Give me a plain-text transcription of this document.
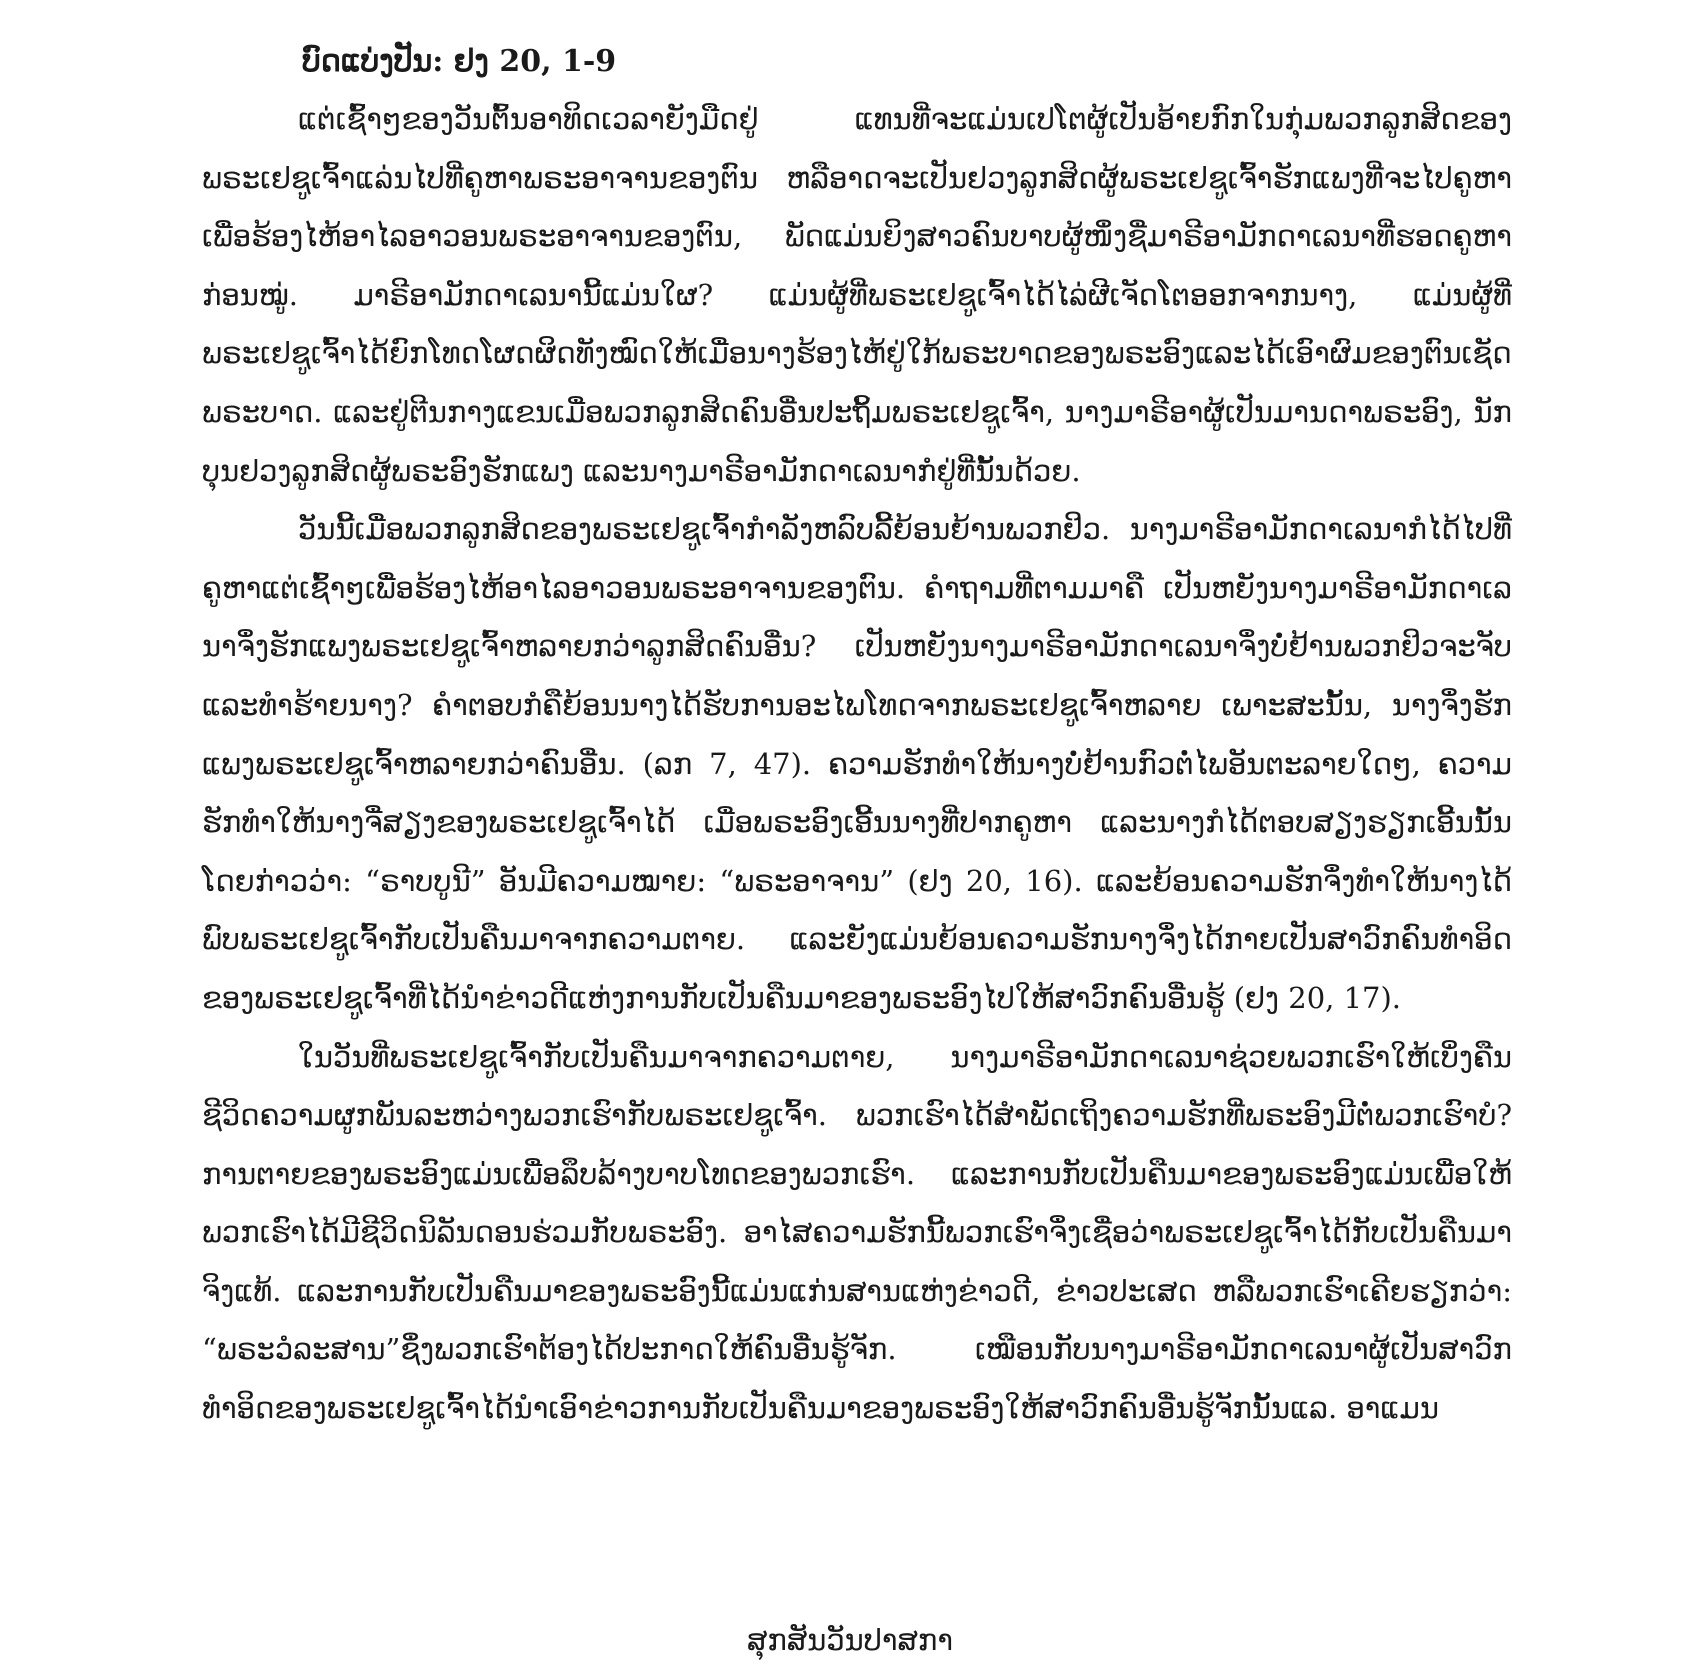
ບົດແບ່ງປັນ: ຢງ 20, 1-9

ແຕ່ເຊົ້າໆຂອງວັນຕົ້ນອາທິດເວລາຍັງມືດຢູ່ ແທນທີ່ຈະແມ່ນເປໂຕຜູ້ເປັນອ້າຍກົກໃນກຸ່ມພວກລູກສິດຂອງພຣະເຢຊູເຈົ້າແລ່ນໄປທີ່ຄູຫາພຣະອາຈານຂອງຕົນ ຫລືອາດຈະເປັນຢວງລູກສິດຜູ້ພຣະເຢຊູເຈົ້າຮັກແພງທີ່ຈະໄປຄູຫາເພື່ອຮ້ອງໄຫ້ອາໄລອາວອນພຣະອາຈານຂອງຕົນ, ພັດແມ່ນຍິງສາວຄົນບາບຜູ້ໜຶ່ງຊື່ມາຣີອາມັກດາເລນາທີ່ຮອດຄູຫາກ່ອນໝູ່. ມາຣີອາມັກດາເລນານີ້ແມ່ນໃຜ? ແມ່ນຜູ້ທີ່ພຣະເຢຊູເຈົ້າໄດ້ໄລ່ຜີເຈັດໂຕອອກຈາກນາງ, ແມ່ນຜູ້ທີ່ພຣະເຢຊູເຈົ້າໄດ້ຍົກໂທດໂຜດຜິດທັງໝົດໃຫ້ເມື່ອນາງຮ້ອງໄຫ້ຢູ່ໃກ້ພຣະບາດຂອງພຣະອົງແລະໄດ້ເອົາຜົມຂອງຕົນເຊັດພຣະບາດ. ແລະຢູ່ຕີນກາງແຂນເມື່ອພວກລູກສິດຄົນອື່ນປະຖິ້ມພຣະເຢຊູເຈົ້າ, ນາງມາຣີອາຜູ້ເປັນມານດາພຣະອົງ, ນັກບຸນຢວງລູກສິດຜູ້ພຣະອົງຮັກແພງ ແລະນາງມາຣີອາມັກດາເລນາກໍຢູ່ທີ່ນັ້ນດ້ວຍ.

ວັນນີ້ເມື່ອພວກລູກສິດຂອງພຣະເຢຊູເຈົ້າກຳລັງຫລົບລີ້ຍ້ອນຍ້ານພວກຢິວ. ນາງມາຣີອາມັກດາເລນາກໍໄດ້ໄປທີ່ຄູຫາແຕ່ເຊົ້າໆເພື່ອຮ້ອງໄຫ້ອາໄລອາວອນພຣະອາຈານຂອງຕົນ. ຄຳຖາມທີ່ຕາມມາຄື ເປັນຫຍັງນາງມາຣີອາມັກດາເລນາຈຶ່ງຮັກແພງພຣະເຢຊູເຈົ້າຫລາຍກວ່າລູກສິດຄົນອື່ນ? ເປັນຫຍັງນາງມາຣີອາມັກດາເລນາຈຶ່ງບໍ່ຢ້ານພວກຢິວຈະຈັບ ແລະທຳຮ້າຍນາງ? ຄຳຕອບກໍຄືຍ້ອນນາງໄດ້ຮັບການອະໄພໂທດຈາກພຣະເຢຊູເຈົ້າຫລາຍ ເພາະສະນັ້ນ, ນາງຈຶ່ງຮັກແພງພຣະເຢຊູເຈົ້າຫລາຍກວ່າຄົນອື່ນ. (ລກ 7, 47). ຄວາມຮັກທຳໃຫ້ນາງບໍ່ຢ້ານກົວຕໍ່ໄພອັນຕະລາຍໃດໆ, ຄວາມຮັກທຳໃຫ້ນາງຈື່ສຽງຂອງພຣະເຢຊູເຈົ້າໄດ້ ເມື່ອພຣະອົງເອີ້ນນາງທີ່ປາກຄູຫາ ແລະນາງກໍໄດ້ຕອບສຽງຮຽກເອີ້ນນັ້ນໂດຍກ່າວວ່າ: “ຣາບບູນີ” ອັນມີຄວາມໝາຍ: “ພຣະອາຈານ” (ຢງ 20, 16). ແລະຍ້ອນຄວາມຮັກຈຶ່ງທຳໃຫ້ນາງໄດ້ພົບພຣະເຢຊູເຈົ້າກັບເປັນຄືນມາຈາກຄວາມຕາຍ. ແລະຍັງແມ່ນຍ້ອນຄວາມຮັກນາງຈຶ່ງໄດ້ກາຍເປັນສາວົກຄົນທຳອິດຂອງພຣະເຢຊູເຈົ້າທີ່ໄດ້ນຳຂ່າວດີແຫ່ງການກັບເປັນຄືນມາຂອງພຣະອົງໄປໃຫ້ສາວົກຄົນອື່ນຮູ້ (ຢງ 20, 17).

ໃນວັນທີ່ພຣະເຢຊູເຈົ້າກັບເປັນຄືນມາຈາກຄວາມຕາຍ, ນາງມາຣີອາມັກດາເລນາຊ່ວຍພວກເຮົາໃຫ້ເບິ່ງຄືນຊີວິດຄວາມຜູກພັນລະຫວ່າງພວກເຮົາກັບພຣະເຢຊູເຈົ້າ. ພວກເຮົາໄດ້ສຳພັດເຖິງຄວາມຮັກທີ່ພຣະອົງມີຕໍ່ພວກເຮົາບໍ? ການຕາຍຂອງພຣະອົງແມ່ນເພື່ອລຶບລ້າງບາບໂທດຂອງພວກເຮົາ. ແລະການກັບເປັນຄືນມາຂອງພຣະອົງແມ່ນເພື່ອໃຫ້ພວກເຮົາໄດ້ມີຊີວິດນິລັນດອນຮ່ວມກັບພຣະອົງ. ອາໄສຄວາມຮັກນີ້ພວກເຮົາຈຶ່ງເຊື່ອວ່າພຣະເຢຊູເຈົ້າໄດ້ກັບເປັນຄືນມາຈິງແທ້. ແລະການກັບເປັນຄືນມາຂອງພຣະອົງນີ້ແມ່ນແກ່ນສານແຫ່ງຂ່າວດີ, ຂ່າວປະເສດ ຫລືພວກເຮົາເຄີຍຮຽກວ່າ: “ພຣະວໍລະສານ”ຊຶ່ງພວກເຮົາຕ້ອງໄດ້ປະກາດໃຫ້ຄົນອື່ນຮູ້ຈັກ. ເໝືອນກັບນາງມາຣີອາມັກດາເລນາຜູ້ເປັນສາວົກທຳອິດຂອງພຣະເຢຊູເຈົ້າໄດ້ນຳເອົາຂ່າວການກັບເປັນຄືນມາຂອງພຣະອົງໃຫ້ສາວົກຄົນອື່ນຮູ້ຈັກນັ້ນແລ. ອາແມນ

ສຸກສັນວັນປາສກາ
